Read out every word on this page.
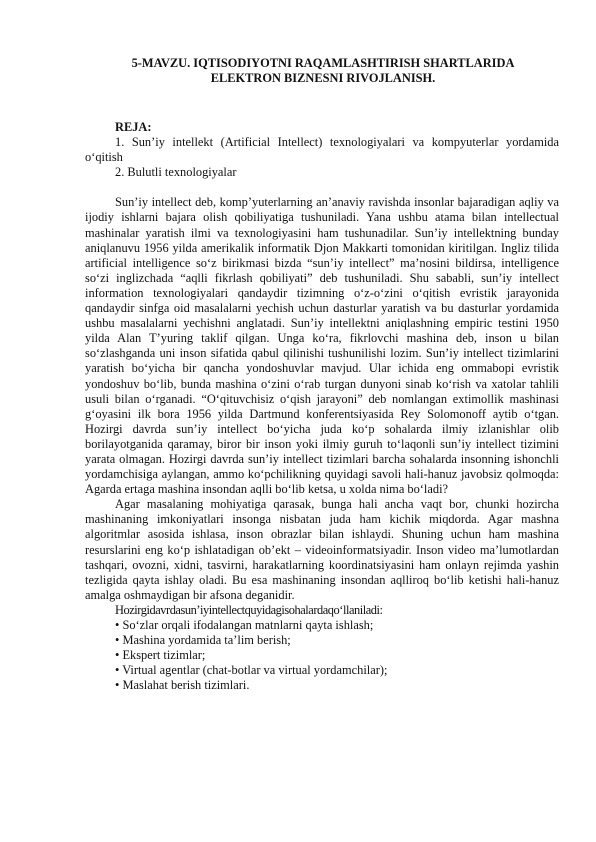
5-MAVZU. IQTISODIYOTNI RAQAMLASHTIRISH SHARTLARIDA
ELEKTRON BIZNESNI RIVOJLANISH.

REJA:

1. Sun’iy intellekt (Artificial Intellect) texnologiyalari va kompyuterlar yordamida o‘qitish

2. Bulutli texnologiyalar

Sun’iy intellect deb, komp’yuterlarning an’anaviy ravishda insonlar bajaradigan aqliy va ijodiy ishlarni bajara olish qobiliyatiga tushuniladi. Yana ushbu atama bilan intellectual mashinalar yaratish ilmi va texnologiyasini ham tushunadilar. Sun’iy intellektning bunday aniqlanuvu 1956 yilda amerikalik informatik Djon Makkarti tomonidan kiritilgan. Ingliz tilida artificial intelligence so‘z birikmasi bizda “sun’iy intellect” ma’nosini bildirsa, intelligence so‘zi inglizchada “aqlli fikrlash qobiliyati” deb tushuniladi. Shu sababli, sun’iy intellect information texnologiyalari qandaydir tizimning o‘z-o‘zini o‘qitish evristik jarayonida qandaydir sinfga oid masalalarni yechish uchun dasturlar yaratish va bu dasturlar yordamida ushbu masalalarni yechishni anglatadi. Sun’iy intellektni aniqlashning empiric testini 1950 yilda Alan T’yuring taklif qilgan. Unga ko‘ra, fikrlovchi mashina deb, inson u bilan so‘zlashganda uni inson sifatida qabul qilinishi tushunilishi lozim. Sun’iy intellect tizimlarini yaratish bo‘yicha bir qancha yondoshuvlar mavjud. Ular ichida eng ommabopi evristik yondoshuv bo‘lib, bunda mashina o‘zini o‘rab turgan dunyoni sinab ko‘rish va xatolar tahlili usuli bilan o‘rganadi. “O‘qituvchisiz o‘qish jarayoni” deb nomlangan extimollik mashinasi g‘oyasini ilk bora 1956 yilda Dartmund konferentsiyasida Rey Solomonoff aytib o‘tgan. Hozirgi davrda sun’iy intellect bo‘yicha juda ko‘p sohalarda ilmiy izlanishlar olib borilayotganida qaramay, biror bir inson yoki ilmiy guruh to‘laqonli sun’iy intellect tizimini yarata olmagan. Hozirgi davrda sun’iy intellect tizimlari barcha sohalarda insonning ishonchli yordamchisiga aylangan, ammo ko‘pchilikning quyidagi savoli hali-hanuz javobsiz qolmoqda: Agarda ertaga mashina insondan aqlli bo‘lib ketsa, u xolda nima bo‘ladi?

Agar masalaning mohiyatiga qarasak, bunga hali ancha vaqt bor, chunki hozircha mashinaning imkoniyatlari insonga nisbatan juda ham kichik miqdorda. Agar mashna algoritmlar asosida ishlasa, inson obrazlar bilan ishlaydi. Shuning uchun ham mashina resurslarini eng ko‘p ishlatadigan ob’ekt – videoinformatsiyadir. Inson video ma’lumotlardan tashqari, ovozni, xidni, tasvirni, harakatlarning koordinatsiyasini ham onlayn rejimda yashin tezligida qayta ishlay oladi. Bu esa mashinaning insondan aqlliroq bo‘lib ketishi hali-hanuz amalga oshmaydigan bir afsona deganidir.

Hozirgidavrdasun’iyintellectquyidagisohalardaqo‘llaniladi:

• So‘zlar orqali ifodalangan matnlarni qayta ishlash;

• Mashina yordamida ta’lim berish;

• Ekspert tizimlar;

• Virtual agentlar (chat-botlar va virtual yordamchilar);

• Maslahat berish tizimlari.
